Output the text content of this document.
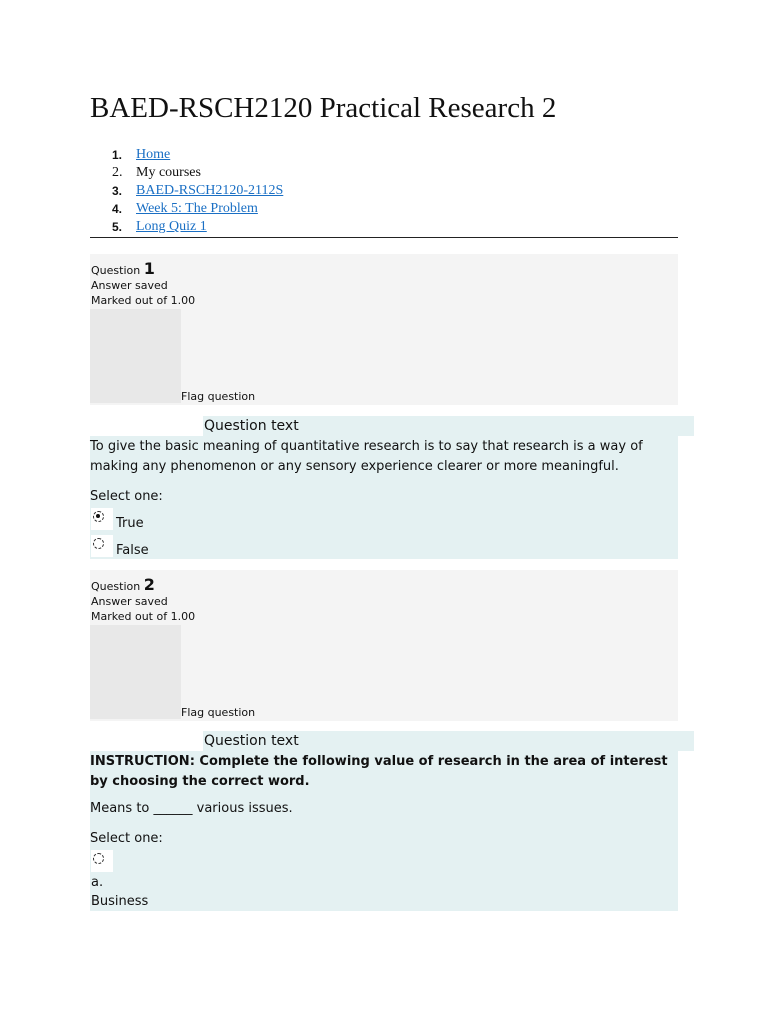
BAED-RSCH2120 Practical Research 2
1. Home
2. My courses
3. BAED-RSCH2120-2112S
4. Week 5: The Problem
5. Long Quiz 1
Question 1
Answer saved
Marked out of 1.00
Flag question
Question text

To give the basic meaning of quantitative research is to say that research is a way of making any phenomenon or any sensory experience clearer or more meaningful.

Select one:

True
False
Question 2
Answer saved
Marked out of 1.00
Flag question
Question text

INSTRUCTION: Complete the following value of research in the area of interest by choosing the correct word.

Means to ______ various issues.

Select one:

a.
Business
